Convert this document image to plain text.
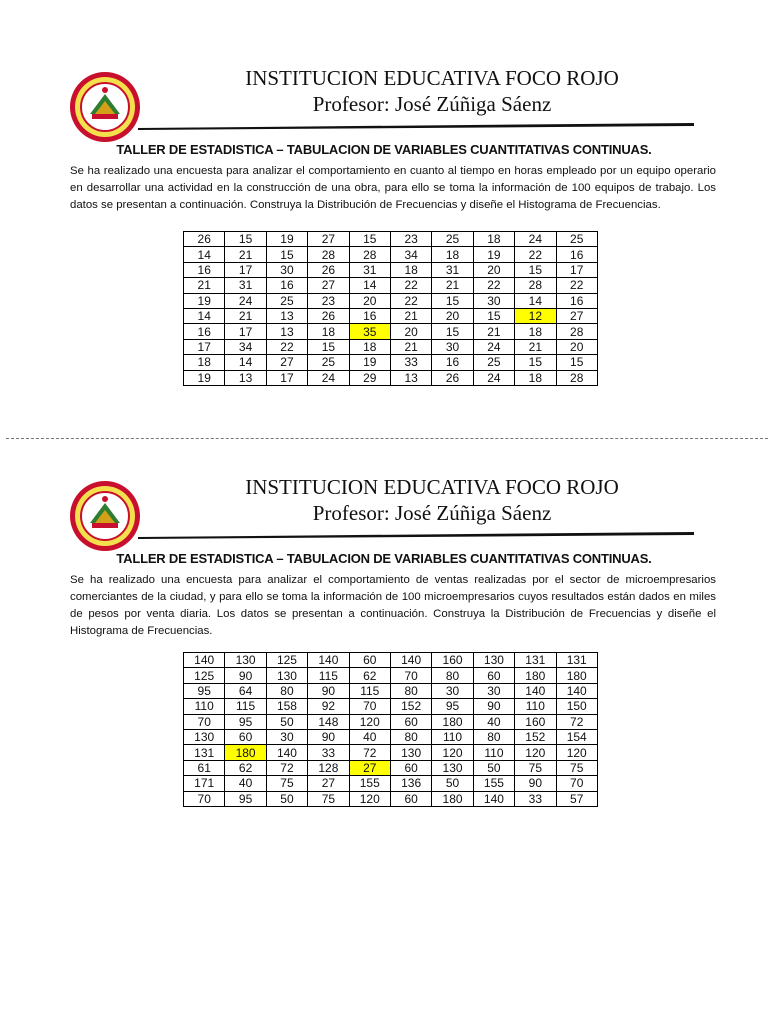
INSTITUCION EDUCATIVA FOCO ROJO
Profesor: José Zúñiga Sáenz
TALLER DE ESTADISTICA – TABULACION DE VARIABLES CUANTITATIVAS CONTINUAS.

Se ha realizado una encuesta para analizar el comportamiento en cuanto al tiempo en horas empleado por un equipo operario en desarrollar una actividad en la construcción de una obra, para ello se toma la información de 100 equipos de trabajo. Los datos se presentan a continuación. Construya la Distribución de Frecuencias y diseñe el Histograma de Frecuencias.

26	15	19	27	15	23	25	18	24	25
14	21	15	28	28	34	18	19	22	16
16	17	30	26	31	18	31	20	15	17
21	31	16	27	14	22	21	22	28	22
19	24	25	23	20	22	15	30	14	16
14	21	13	26	16	21	20	15	12	27
16	17	13	18	35	20	15	21	18	28
17	34	22	15	18	21	30	24	21	20
18	14	27	25	19	33	16	25	15	15
19	13	17	24	29	13	26	24	18	28
INSTITUCION EDUCATIVA FOCO ROJO
Profesor: José Zúñiga Sáenz
TALLER DE ESTADISTICA – TABULACION DE VARIABLES CUANTITATIVAS CONTINUAS.

Se ha realizado una encuesta para analizar el comportamiento de ventas realizadas por el sector de microempresarios comerciantes de la ciudad, y para ello se toma la información de 100 microempresarios cuyos resultados están dados en miles de pesos por venta diaria. Los datos se presentan a continuación. Construya la Distribución de Frecuencias y diseñe el Histograma de Frecuencias.

140	130	125	140	60	140	160	130	131	131
125	90	130	115	62	70	80	60	180	180
95	64	80	90	115	80	30	30	140	140
110	115	158	92	70	152	95	90	110	150
70	95	50	148	120	60	180	40	160	72
130	60	30	90	40	80	110	80	152	154
131	180	140	33	72	130	120	110	120	120
61	62	72	128	27	60	130	50	75	75
171	40	75	27	155	136	50	155	90	70
70	95	50	75	120	60	180	140	33	57
